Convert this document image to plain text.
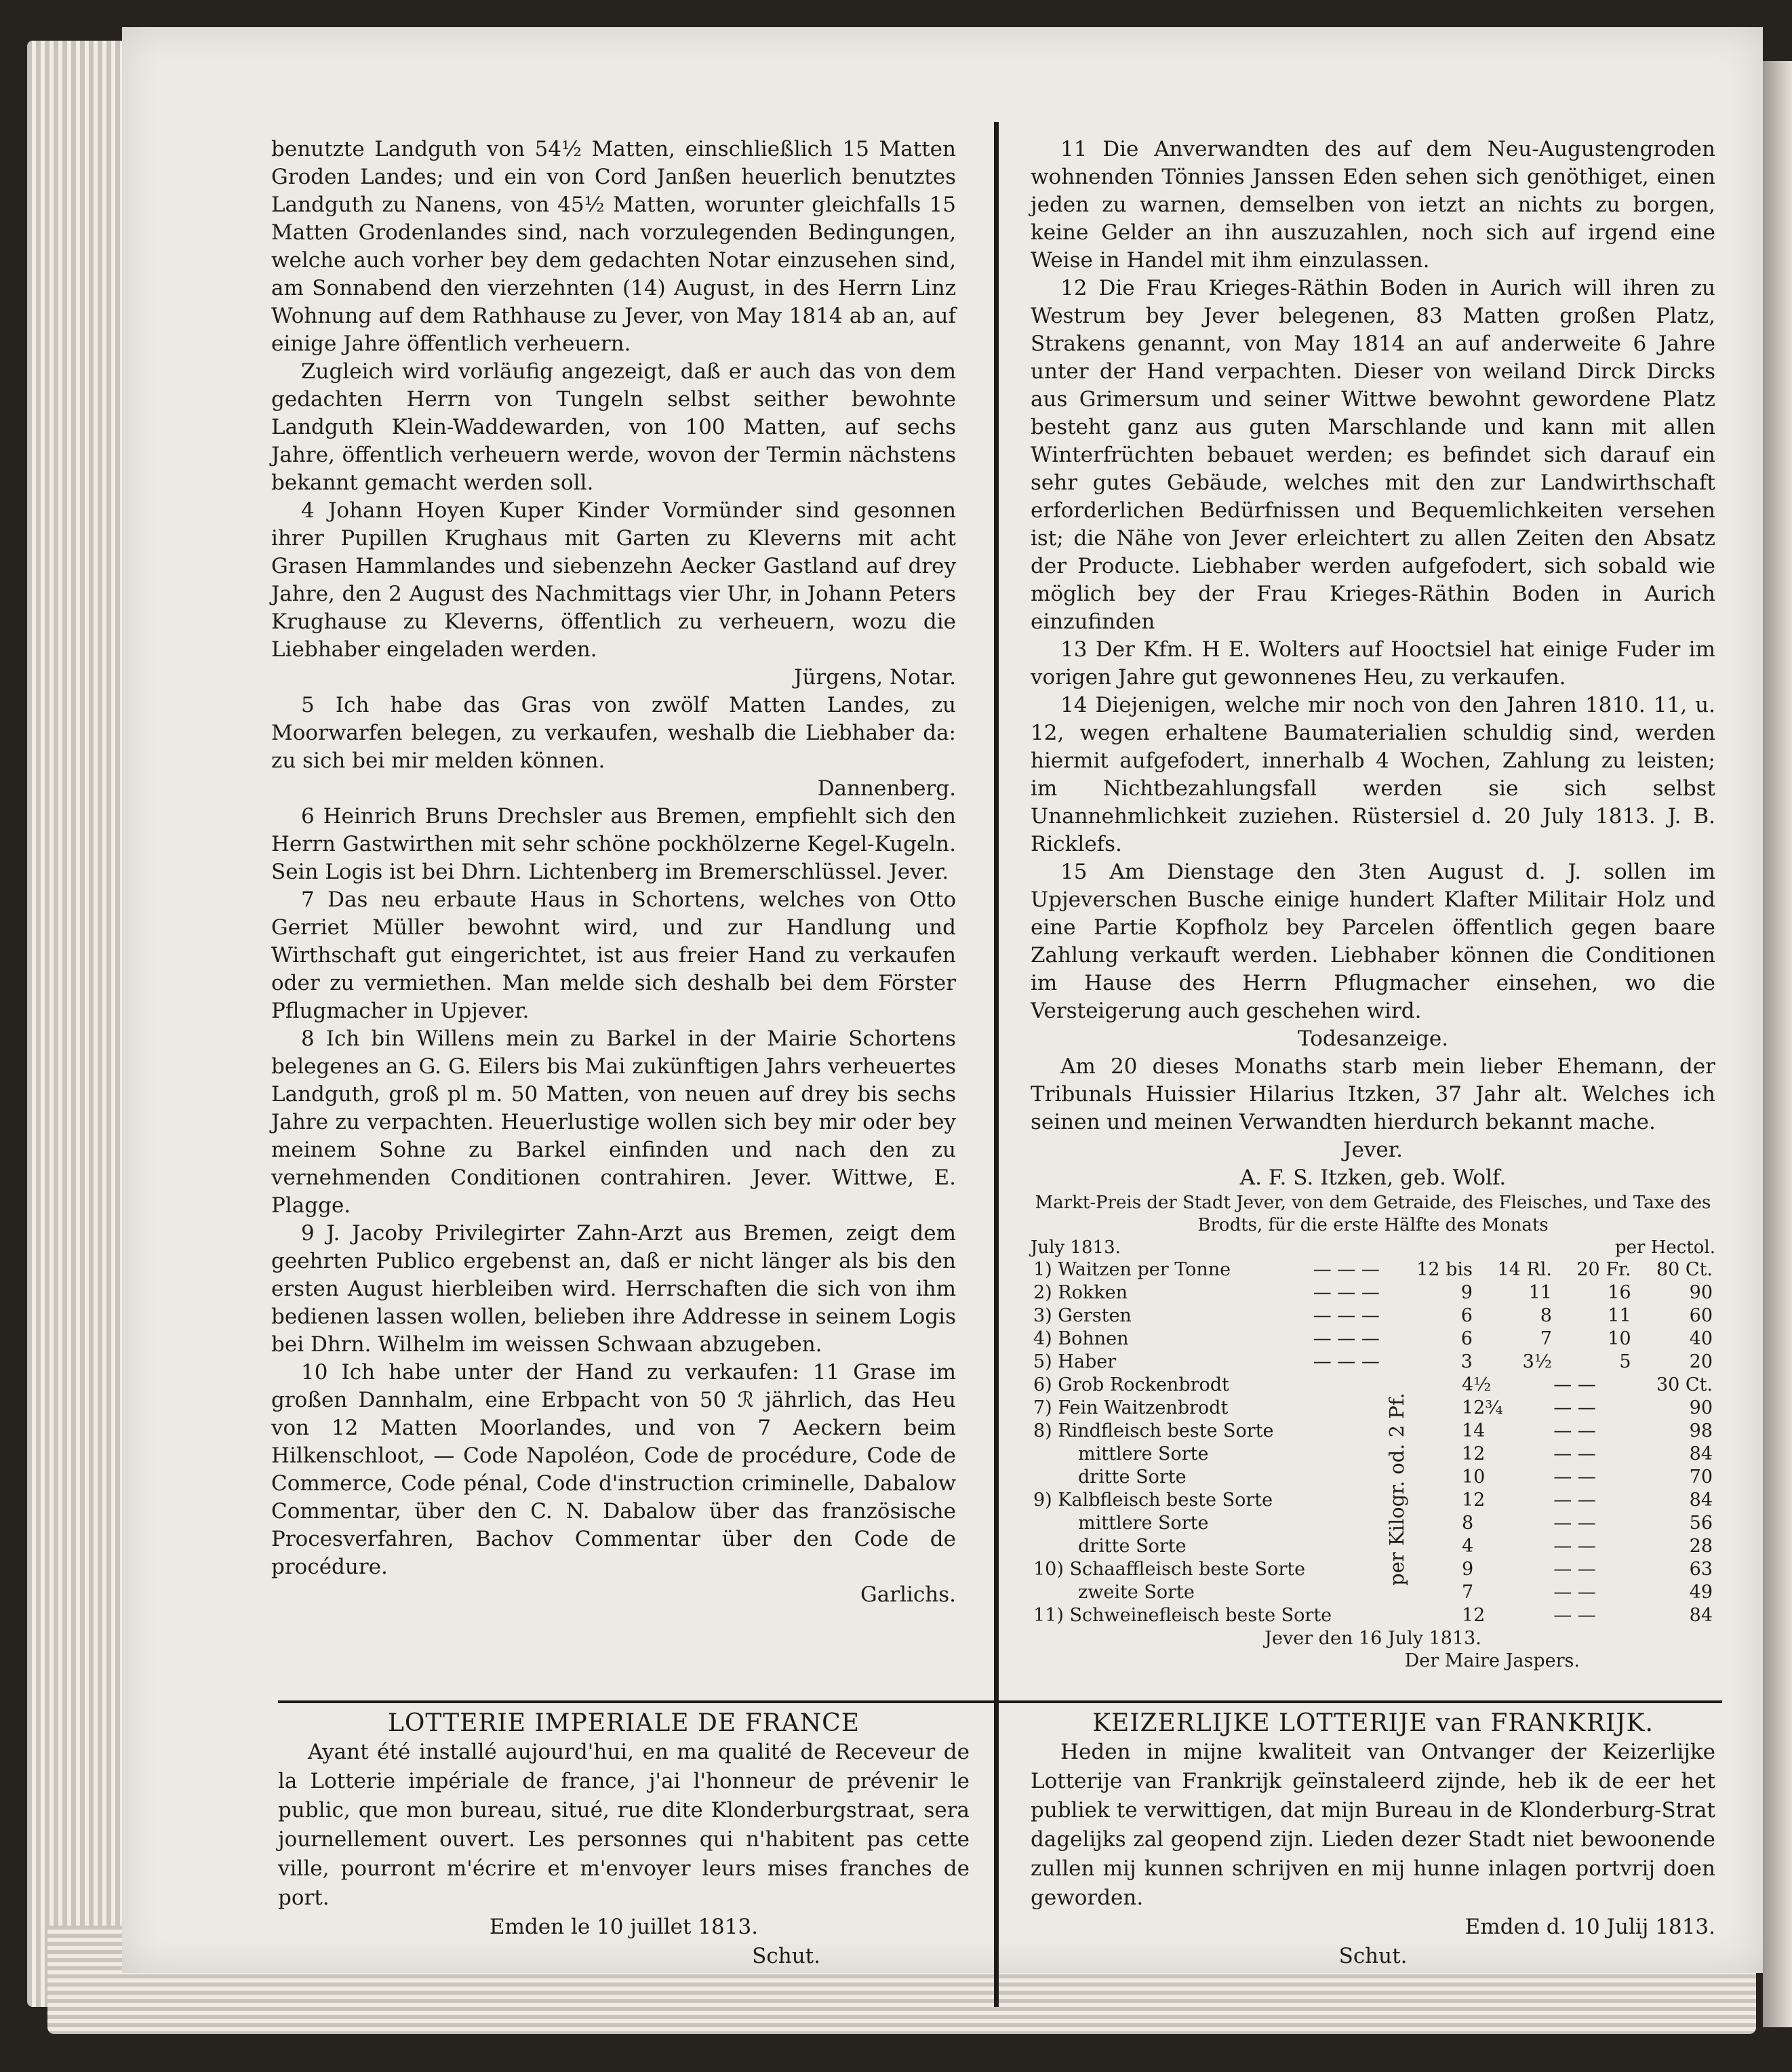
benutzte Landguth von 54½ Matten, einschließlich 15 Matten Groden Landes; und ein von Cord Janßen heuerlich benutztes Landguth zu Nanens, von 45½ Matten, worunter gleichfalls 15 Matten Grodenlandes sind, nach vorzulegenden Bedingungen, welche auch vorher bey dem gedachten Notar einzusehen sind, am Sonnabend den vierzehnten (14) August, in des Herrn Linz Wohnung auf dem Rathhause zu Jever, von May 1814 ab an, auf einige Jahre öffentlich verheuern.

Zugleich wird vorläufig angezeigt, daß er auch das von dem gedachten Herrn von Tungeln selbst seither bewohnte Landguth Klein-Waddewarden, von 100 Matten, auf sechs Jahre, öffentlich verheuern werde, wovon der Termin nächstens bekannt gemacht werden soll.

4 Johann Hoyen Kuper Kinder Vormünder sind gesonnen ihrer Pupillen Krughaus mit Garten zu Kleverns mit acht Grasen Hammlandes und siebenzehn Aecker Gastland auf drey Jahre, den 2 August des Nachmittags vier Uhr, in Johann Peters Krughause zu Kleverns, öffentlich zu verheuern, wozu die Liebhaber eingeladen werden.

Jürgens, Notar.

5 Ich habe das Gras von zwölf Matten Landes, zu Moorwarfen belegen, zu verkaufen, weshalb die Liebhaber da: zu sich bei mir melden können.

Dannenberg.

6 Heinrich Bruns Drechsler aus Bremen, empfiehlt sich den Herrn Gastwirthen mit sehr schöne pockhölzerne Kegel-Kugeln. Sein Logis ist bei Dhrn. Lichtenberg im Bremerschlüssel. Jever.

7 Das neu erbaute Haus in Schortens, welches von Otto Gerriet Müller bewohnt wird, und zur Handlung und Wirthschaft gut eingerichtet, ist aus freier Hand zu verkaufen oder zu vermiethen. Man melde sich deshalb bei dem Förster Pflugmacher in Upjever.

8 Ich bin Willens mein zu Barkel in der Mairie Schortens belegenes an G. G. Eilers bis Mai zukünftigen Jahrs verheuertes Landguth, groß pl m. 50 Matten, von neuen auf drey bis sechs Jahre zu verpachten. Heuerlustige wollen sich bey mir oder bey meinem Sohne zu Barkel einfinden und nach den zu vernehmenden Conditionen contrahiren. Jever. Wittwe, E. Plagge.

9 J. Jacoby Privilegirter Zahn-Arzt aus Bremen, zeigt dem geehrten Publico ergebenst an, daß er nicht länger als bis den ersten August hierbleiben wird. Herrschaften die sich von ihm bedienen lassen wollen, belieben ihre Addresse in seinem Logis bei Dhrn. Wilhelm im weissen Schwaan abzugeben.

10 Ich habe unter der Hand zu verkaufen: 11 Grase im großen Dannhalm, eine Erbpacht von 50 ℛ jährlich, das Heu von 12 Matten Moorlandes, und von 7 Aeckern beim Hilkenschloot, — Code Napoléon, Code de procédure, Code de Commerce, Code pénal, Code d'instruction criminelle, Dabalow Commentar, über den C. N. Dabalow über das französische Procesverfahren, Bachov Commentar über den Code de procédure.

Garlichs.

11 Die Anverwandten des auf dem Neu-Augustengroden wohnenden Tönnies Janssen Eden sehen sich genöthiget, einen jeden zu warnen, demselben von ietzt an nichts zu borgen, keine Gelder an ihn auszuzahlen, noch sich auf irgend eine Weise in Handel mit ihm einzulassen.

12 Die Frau Krieges-Räthin Boden in Aurich will ihren zu Westrum bey Jever belegenen, 83 Matten großen Platz, Strakens genannt, von May 1814 an auf anderweite 6 Jahre unter der Hand verpachten. Dieser von weiland Dirck Dircks aus Grimersum und seiner Wittwe bewohnt gewordene Platz besteht ganz aus guten Marschlande und kann mit allen Winterfrüchten bebauet werden; es befindet sich darauf ein sehr gutes Gebäude, welches mit den zur Landwirthschaft erforderlichen Bedürfnissen und Bequemlichkeiten versehen ist; die Nähe von Jever erleichtert zu allen Zeiten den Absatz der Producte. Liebhaber werden aufgefodert, sich sobald wie möglich bey der Frau Krieges-Räthin Boden in Aurich einzufinden

13 Der Kfm. H E. Wolters auf Hooctsiel hat einige Fuder im vorigen Jahre gut gewonnenes Heu, zu verkaufen.

14 Diejenigen, welche mir noch von den Jahren 1810. 11, u. 12, wegen erhaltene Baumaterialien schuldig sind, werden hiermit aufgefodert, innerhalb 4 Wochen, Zahlung zu leisten; im Nichtbezahlungsfall werden sie sich selbst Unannehmlichkeit zuziehen. Rüstersiel d. 20 July 1813. J. B. Ricklefs.

15 Am Dienstage den 3ten August d. J. sollen im Upjeverschen Busche einige hundert Klafter Militair Holz und eine Partie Kopfholz bey Parcelen öffentlich gegen baare Zahlung verkauft werden. Liebhaber können die Conditionen im Hause des Herrn Pflugmacher einsehen, wo die Versteigerung auch geschehen wird.

Todesanzeige.

Am 20 dieses Monaths starb mein lieber Ehemann, der Tribunals Huissier Hilarius Itzken, 37 Jahr alt. Welches ich seinen und meinen Verwandten hierdurch bekannt mache.

Jever.

A. F. S. Itzken, geb. Wolf.

Markt-Preis der Stadt Jever, von dem Getraide, des Fleisches, und Taxe des Brodts, für die erste Hälfte des Monats
July 1813.	per Hectol.
1) Waitzen per Tonne	— — —	12 bis	14 Rl.	20 Fr.	80 Ct.
2) Rokken	— — —	9	11	16	90
3) Gersten	— — —	6	8	11	60
4) Bohnen	— — —	6	7	10	40
5) Haber	— — —	3	3½	5	20
per Kilogr. od. 2 Pf.
6) Grob Rockenbrodt		4½	— —	30 Ct.
7) Fein Waitzenbrodt		12¾	— —	90
8) Rindfleisch beste Sorte		14	— —	98
mittlere Sorte		12	— —	84
dritte Sorte		10	— —	70
9) Kalbfleisch beste Sorte		12	— —	84
mittlere Sorte		8	— —	56
dritte Sorte		4	— —	28
10) Schaaffleisch beste Sorte		9	— —	63
zweite Sorte		7	— —	49
11) Schweinefleisch beste Sorte		12	— —	84
Jever den 16 July 1813.
Der Maire Jaspers.

LOTTERIE IMPERIALE DE FRANCE

Ayant été installé aujourd'hui, en ma qualité de Receveur de la Lotterie impériale de france, j'ai l'honneur de prévenir le public, que mon bureau, situé, rue dite Klonderburgstraat, sera journellement ouvert. Les personnes qui n'habitent pas cette ville, pourront m'écrire et m'envoyer leurs mises franches de port.

Emden le 10 juillet 1813.

Schut.

KEIZERLIJKE LOTTERIJE van FRANKRIJK.

Heden in mijne kwaliteit van Ontvanger der Keizerlijke Lotterije van Frankrijk geïnstaleerd zijnde, heb ik de eer het publiek te verwittigen, dat mijn Bureau in de Klonderburg-Strat dagelijks zal geopend zijn. Lieden dezer Stadt niet bewoonende zullen mij kunnen schrijven en mij hunne inlagen portvrij doen geworden.

Emden d. 10 Julij 1813.

Schut.
